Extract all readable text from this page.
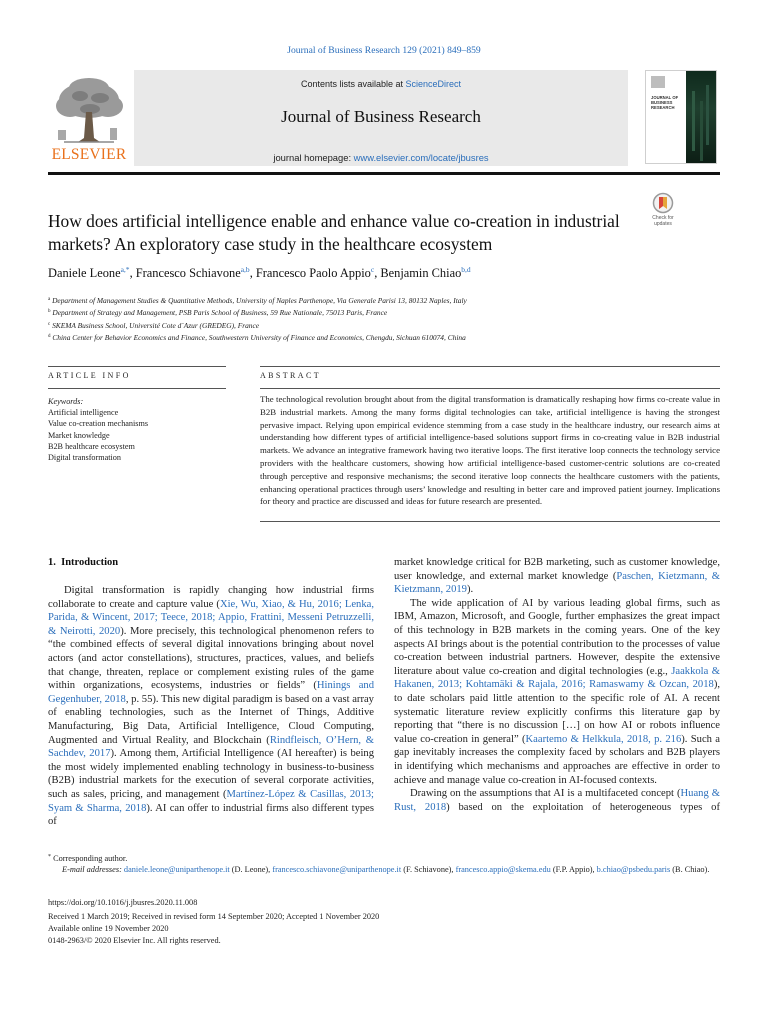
Journal of Business Research 129 (2021) 849–859
ELSEVIER
Contents lists available at ScienceDirect
Journal of Business Research
journal homepage: www.elsevier.com/locate/jbusres
JOURNAL OF BUSINESS RESEARCH
Check for
updates
How does artificial intelligence enable and enhance value co-creation in industrial markets? An exploratory case study in the healthcare ecosystem
Daniele Leone$^{a,*}$, Francesco Schiavone$^{a,b}$, Francesco Paolo Appio$^c$, Benjamin Chiao$^{b,d}$
$^a$ Department of Management Studies & Quantitative Methods, University of Naples Parthenope, Via Generale Parisi 13, 80132 Naples, Italy
$^b$ Department of Strategy and Management, PSB Paris School of Business, 59 Rue Nationale, 75013 Paris, France
$^c$ SKEMA Business School, Université Cote d´Azur (GREDEG), France
$^d$ China Center for Behavior Economics and Finance, Southwestern University of Finance and Economics, Chengdu, Sichuan 610074, China
ARTICLE INFO
Keywords:
Artificial intelligence
Value co-creation mechanisms
Market knowledge
B2B healthcare ecosystem
Digital transformation
ABSTRACT
The technological revolution brought about from the digital transformation is dramatically reshaping how firms co-create value in B2B industrial markets. Among the many forms digital technologies can take, artificial intelligence is having the strongest pervasive impact. Relying upon empirical evidence stemming from a case study in the healthcare industry, our research aims at understanding how different types of artificial intelligence-based solutions support firms in co-creating value in B2B industrial markets. We advance an integrative framework having two iterative loops. The first iterative loop connects the technology service providers with the healthcare customers, showing how artificial intelligence-based customer-centric solutions are co-created through perceptive and responsive mechanisms; the second iterative loop connects the healthcare customers with the patients, enhancing operational practices through users’ knowledge and resulting in better care and improved patient journey. Implications for theory and practice are discussed and ideas for future research are presented.
1. Introduction

Digital transformation is rapidly changing how industrial firms collaborate to create and capture value (Xie, Wu, Xiao, & Hu, 2016; Lenka, Parida, & Wincent, 2017; Teece, 2018; Appio, Frattini, Messeni Petruzzelli, & Neirotti, 2020). More precisely, this technological phenomenon refers to “the combined effects of several digital innovations bringing about novel actors (and actor constellations), structures, practices, values, and beliefs that change, threaten, replace or complement existing rules of the game within organizations, ecosystems, industries or fields” (Hinings and Gegenhuber, 2018, p. 55). This new digital paradigm is based on a vast array of enabling technologies, such as the Internet of Things, Additive Manufacturing, Big Data, Artificial Intelligence, Cloud Computing, Augmented and Virtual Reality, and Blockchain (Rindfleisch, O’Hern, & Sachdev, 2017). Among them, Artificial Intelligence (AI hereafter) is being the most widely implemented enabling technology in business-to-business (B2B) industrial markets for the execution of several corporate activities, such as sales, pricing, and management (Martínez-López & Casillas, 2013; Syam & Sharma, 2018). AI can offer to industrial firms also different types of

market knowledge critical for B2B marketing, such as customer knowledge, user knowledge, and external market knowledge (Paschen, Kietzmann, & Kietzmann, 2019).

The wide application of AI by various leading global firms, such as IBM, Amazon, Microsoft, and Google, further emphasizes the great impact of this technology in B2B markets in the coming years. One of the key aspects AI brings about is the potential contribution to the processes of value co-creation between industrial partners. However, despite the extensive literature about value co-creation and digital technologies (e.g., Jaakkola & Hakanen, 2013; Kohtamäki & Rajala, 2016; Ramaswamy & Ozcan, 2018), to date scholars paid little attention to the specific role of AI. A recent systematic literature review explicitly confirms this literature gap by reporting that “there is no discussion […] on how AI or robots influence value co-creation in general” (Kaartemo & Helkkula, 2018, p. 216). Such a gap inevitably increases the complexity faced by scholars and B2B players in identifying which mechanisms and approaches are effective in order to achieve and manage value co-creation in AI-focused contexts.

Drawing on the assumptions that AI is a multifaceted concept (Huang & Rust, 2018) based on the exploitation of heterogeneous types of

* Corresponding author.
E-mail addresses: daniele.leone@uniparthenope.it (D. Leone), francesco.schiavone@uniparthenope.it (F. Schiavone), francesco.appio@skema.edu (F.P. Appio), b.chiao@psbedu.paris (B. Chiao).
https://doi.org/10.1016/j.jbusres.2020.11.008
Received 1 March 2019; Received in revised form 14 September 2020; Accepted 1 November 2020
Available online 19 November 2020
0148-2963/© 2020 Elsevier Inc. All rights reserved.
